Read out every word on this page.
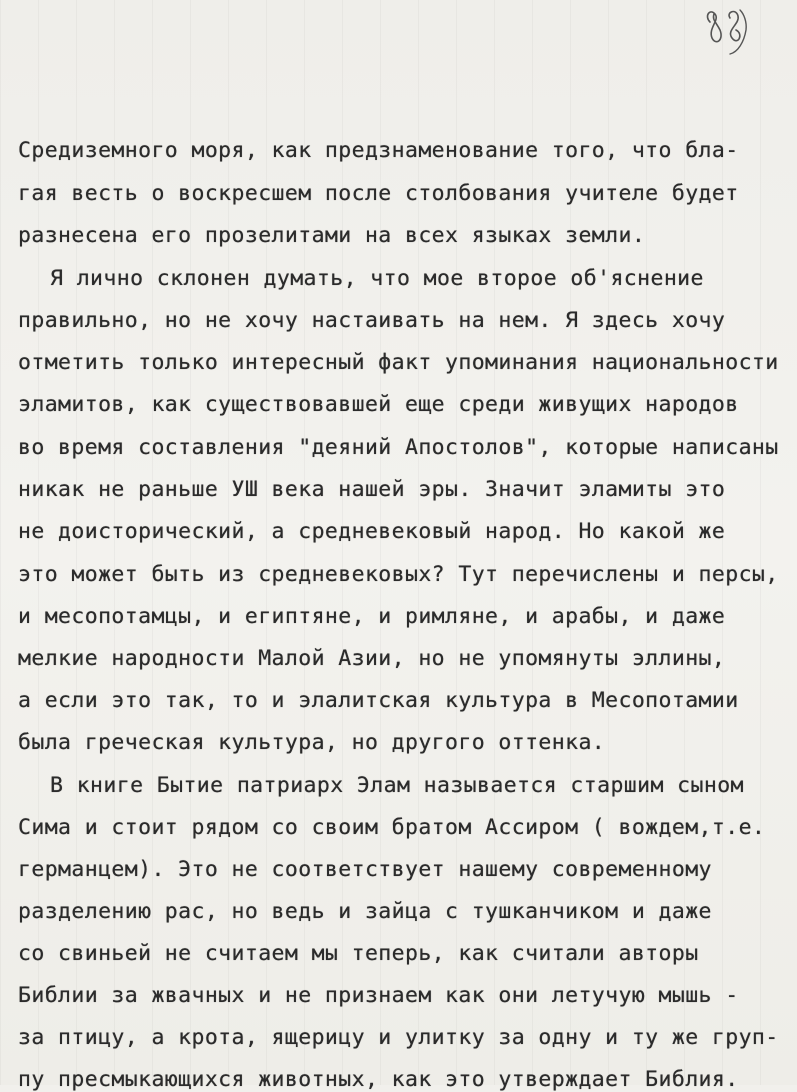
Средиземного моря, как предзнаменование того, что бла-
гая весть о воскресшем после столбования учителе будет
разнесена его прозелитами на всех языках земли.
Я лично склонен думать, что мое второе об'яснение
правильно, но не хочу настаивать на нем. Я здесь хочу
отметить только интересный факт упоминания национальности
эламитов, как существовавшей еще среди живущих народов
во время составления "деяний Апостолов", которые написаны
никак не раньше УШ века нашей эры. Значит эламиты это
не доисторический, а средневековый народ. Но какой же
это может быть из средневековых? Тут перечислены и персы,
и месопотамцы, и египтяне, и римляне, и арабы, и даже
мелкие народности Малой Азии, но не упомянуты эллины,
а если это так, то и элалитская культура в Месопотамии
была греческая культура, но другого оттенка.
В книге Бытие патриарх Элам называется старшим сыном
Сима и стоит рядом со своим братом Ассиром ( вождем,т.е.
германцем). Это не соответствует нашему современному
разделению рас, но ведь и зайца с тушканчиком и даже
со свиньей не считаем мы теперь, как считали авторы
Библии за жвачных и не признаем как они летучую мышь -
за птицу, а крота, ящерицу и улитку за одну и ту же груп-
пу пресмыкающихся животных, как это утверждает Библия.
